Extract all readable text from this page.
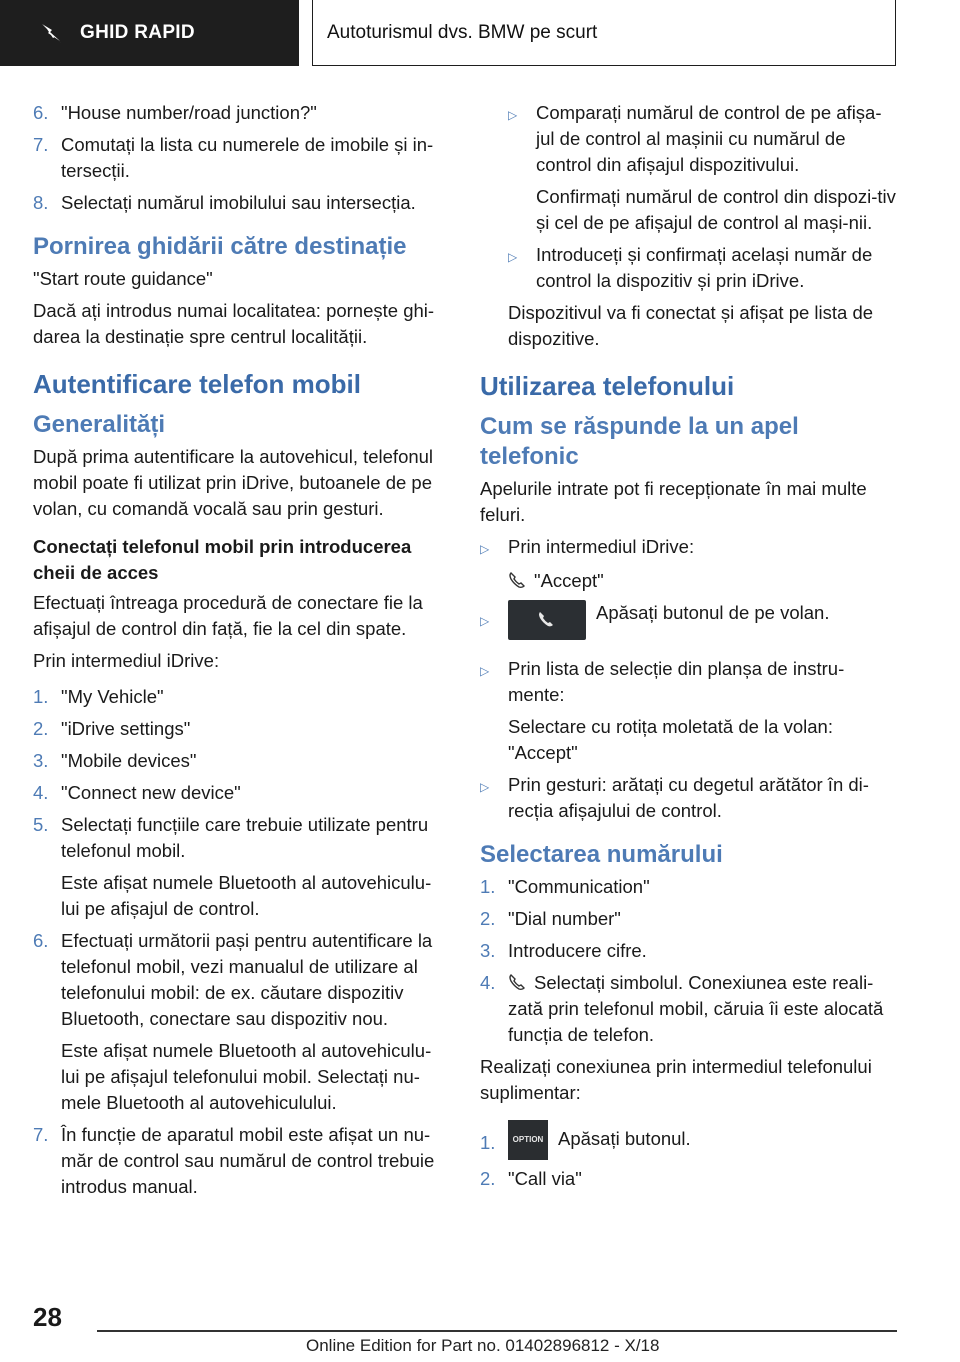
GHID RAPID	Autoturismul dvs. BMW pe scurt
6. "House number/road junction?"
7. Comutați la lista cu numerele de imobile și in-tersecții.
8. Selectați numărul imobilului sau intersecția.
Pornirea ghidării către destinație
"Start route guidance"
Dacă ați introdus numai localitatea: pornește ghi-darea la destinație spre centrul localității.
Autentificare telefon mobil
Generalități
După prima autentificare la autovehicul, telefonul mobil poate fi utilizat prin iDrive, butoanele de pe volan, cu comandă vocală sau prin gesturi.
Conectați telefonul mobil prin introducerea cheii de acces
Efectuați întreaga procedură de conectare fie la afișajul de control din față, fie la cel din spate.
Prin intermediul iDrive:
1. "My Vehicle"
2. "iDrive settings"
3. "Mobile devices"
4. "Connect new device"
5. Selectați funcțiile care trebuie utilizate pentru telefonul mobil.
Este afișat numele Bluetooth al autovehiculu-lui pe afișajul de control.
6. Efectuați următorii pași pentru autentificare la telefonul mobil, vezi manualul de utilizare al telefonului mobil: de ex. căutare dispozitiv Bluetooth, conectare sau dispozitiv nou.
Este afișat numele Bluetooth al autovehiculu-lui pe afișajul telefonului mobil. Selectați nu-mele Bluetooth al autovehiculului.
7. În funcție de aparatul mobil este afișat un nu-măr de control sau numărul de control trebuie introdus manual.
▷	Comparați numărul de control de pe afișa-jul de control al mașinii cu numărul de control din afișajul dispozitivului.
Confirmați numărul de control din dispozi-tiv și cel de pe afișajul de control al mași-nii.
▷	Introduceți și confirmați același număr de control la dispozitiv și prin iDrive.
Dispozitivul va fi conectat și afișat pe lista de dispozitive.
Utilizarea telefonului
Cum se răspunde la un apel telefonic
Apelurile intrate pot fi recepționate în mai multe feluri.
▷	Prin intermediul iDrive:
"Accept"
▷	Apăsați butonul de pe volan.
▷	Prin lista de selecție din planșa de instru-mente:
Selectare cu rotița moletată de la volan:
"Accept"
▷	Prin gesturi: arătați cu degetul arătător în di-recția afișajului de control.
Selectarea numărului
1. "Communication"
2. "Dial number"
3. Introducere cifre.
4.	Selectați simbolul. Conexiunea este reali-zată prin telefonul mobil, căruia îi este alocată funcția de telefon.
Realizați conexiunea prin intermediul telefonului suplimentar:
1.	OPTION Apăsați butonul.
2. "Call via"
28
Online Edition for Part no. 01402896812 - X/18
